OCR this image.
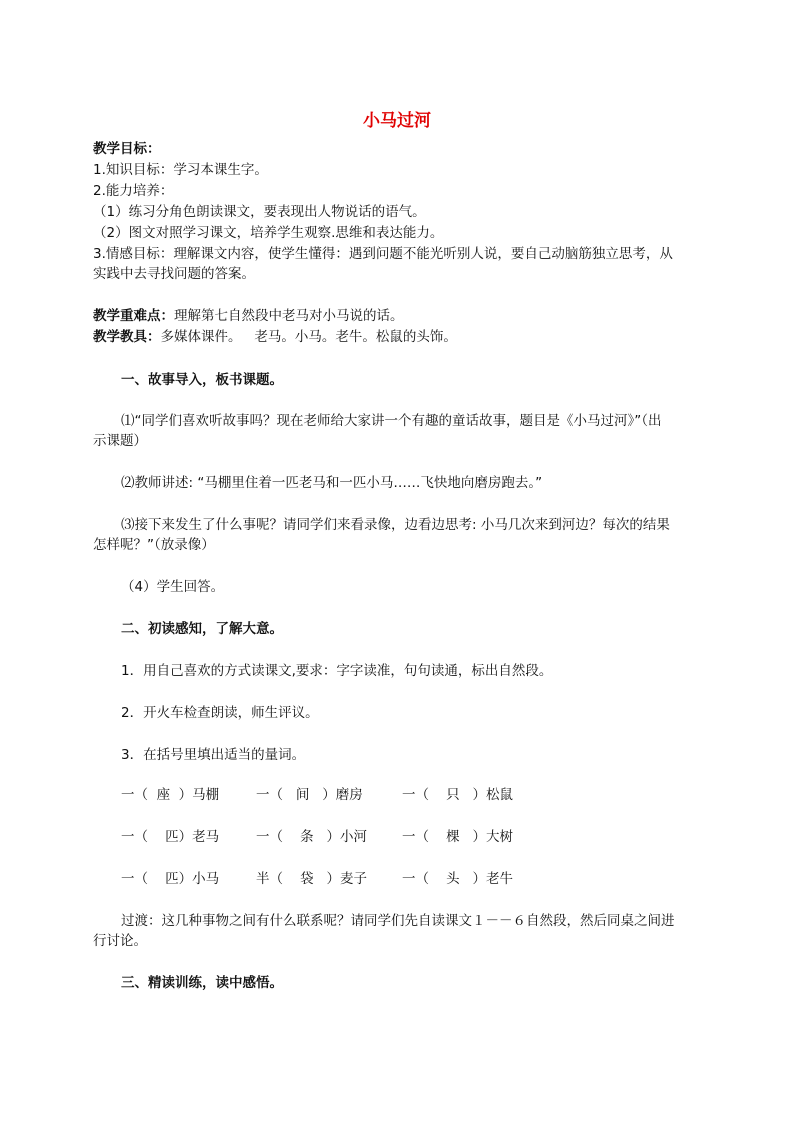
小马过河
教学目标：
1.知识目标：学习本课生字。
2.能力培养：
（1）练习分角色朗读课文，要表现出人物说话的语气。
（2）图文对照学习课文，培养学生观察.思维和表达能力。
3.情感目标：理解课文内容，使学生懂得：遇到问题不能光听别人说，要自己动脑筋独立思考，从
实践中去寻找问题的答案。
教学重难点：理解第七自然段中老马对小马说的话。
教学教具：多媒体课件。   老马。小马。老牛。松鼠的头饰。
一、故事导入，板书课题。
⑴“同学们喜欢听故事吗？现在老师给大家讲一个有趣的童话故事，题目是《小马过河》”（出
示课题）
⑵教师讲述: “马棚里住着一匹老马和一匹小马……飞快地向磨房跑去。”
⑶接下来发生了什么事呢？请同学们来看录像，边看边思考: 小马几次来到河边？每次的结果
怎样呢？”（放录像）
（4）学生回答。
二、初读感知，了解大意。
1．用自己喜欢的方式读课文,要求：字字读准，句句读通，标出自然段。
2．开火车检查朗读，师生评议。
3．在括号里填出适当的量词。
一（  座  ）马棚	一（   间   ）磨房	一（    只   ）松鼠
一（    匹）老马	一（    条   ）小河	一（    棵   ）大树
一（    匹）小马	半（    袋   ）麦子	一（    头   ）老牛
过渡：这几种事物之间有什么联系呢？请同学们先自读课文１－－６自然段，然后同桌之间进
行讨论。
三、精读训练，读中感悟。
